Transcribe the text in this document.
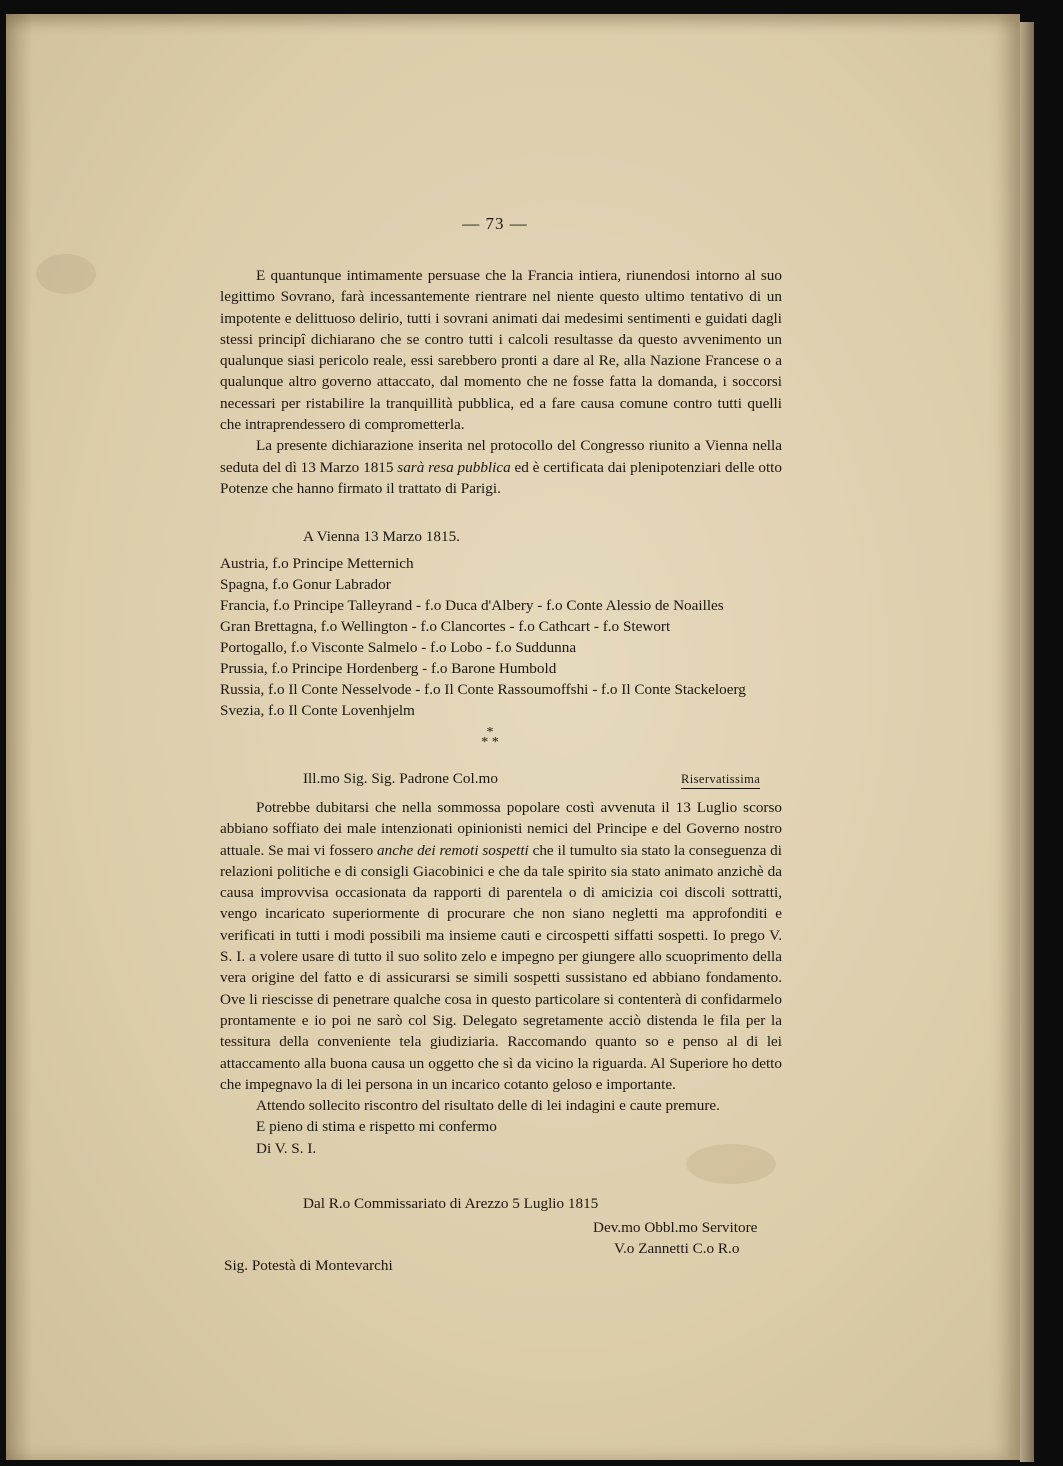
— 73 —

E quantunque intimamente persuase che la Francia intiera, riunendosi intorno al suo legittimo Sovrano, farà incessantemente rientrare nel niente questo ultimo tentativo di un impotente e delittuoso delirio, tutti i sovrani animati dai medesimi sentimenti e guidati dagli stessi principî dichiarano che se contro tutti i calcoli resultasse da questo avvenimento un qualunque siasi pericolo reale, essi sarebbero pronti a dare al Re, alla Nazione Francese o a qualunque altro governo attaccato, dal momento che ne fosse fatta la domanda, i soccorsi necessari per ristabilire la tranquillità pubblica, ed a fare causa comune contro tutti quelli che intraprendessero di comprometterla.

La presente dichiarazione inserita nel protocollo del Congresso riunito a Vienna nella seduta del dì 13 Marzo 1815 sarà resa pubblica ed è certificata dai plenipotenziari delle otto Potenze che hanno firmato il trattato di Parigi.

A Vienna 13 Marzo 1815.
Austria, f.o Principe Metternich
Spagna, f.o Gonur Labrador
Francia, f.o Principe Talleyrand - f.o Duca d'Albery - f.o Conte Alessio de Noailles
Gran Brettagna, f.o Wellington - f.o Clancortes - f.o Cathcart - f.o Stewort
Portogallo, f.o Visconte Salmelo - f.o Lobo - f.o Suddunna
Prussia, f.o Principe Hordenberg - f.o Barone Humbold
Russia, f.o Il Conte Nesselvode - f.o Il Conte Rassoumoffshi - f.o Il Conte Stackeloerg
Svezia, f.o Il Conte Lovenhjelm
*
* *
Ill.mo Sig. Sig. Padrone Col.mo	Riservatissima

Potrebbe dubitarsi che nella sommossa popolare costì avvenuta il 13 Luglio scorso abbiano soffiato dei male intenzionati opinionisti nemici del Principe e del Governo nostro attuale. Se mai vi fossero anche dei remoti sospetti che il tumulto sia stato la conseguenza di relazioni politiche e di consigli Giacobinici e che da tale spirito sia stato animato anzichè da causa improvvisa occasionata da rapporti di parentela o di amicizia coi discoli sottratti, vengo incaricato superiormente di procurare che non siano negletti ma approfonditi e verificati in tutti i modi possibili ma insieme cauti e circospetti siffatti sospetti. Io prego V. S. I. a volere usare di tutto il suo solito zelo e impegno per giungere allo scuoprimento della vera origine del fatto e di assicurarsi se simili sospetti sussistano ed abbiano fondamento. Ove li riescisse di penetrare qualche cosa in questo particolare si contenterà di confidarmelo prontamente e io poi ne sarò col Sig. Delegato segretamente acciò distenda le fila per la tessitura della conveniente tela giudiziaria. Raccomando quanto so e penso al di lei attaccamento alla buona causa un oggetto che sì da vicino la riguarda. Al Superiore ho detto che impegnavo la di lei persona in un incarico cotanto geloso e importante.

Attendo sollecito riscontro del risultato delle di lei indagini e caute premure.

E pieno di stima e rispetto mi confermo

Di V. S. I.

Dal R.o Commissariato di Arezzo 5 Luglio 1815
Dev.mo Obbl.mo Servitore
V.o Zannetti C.o R.o
Sig. Potestà di Montevarchi
